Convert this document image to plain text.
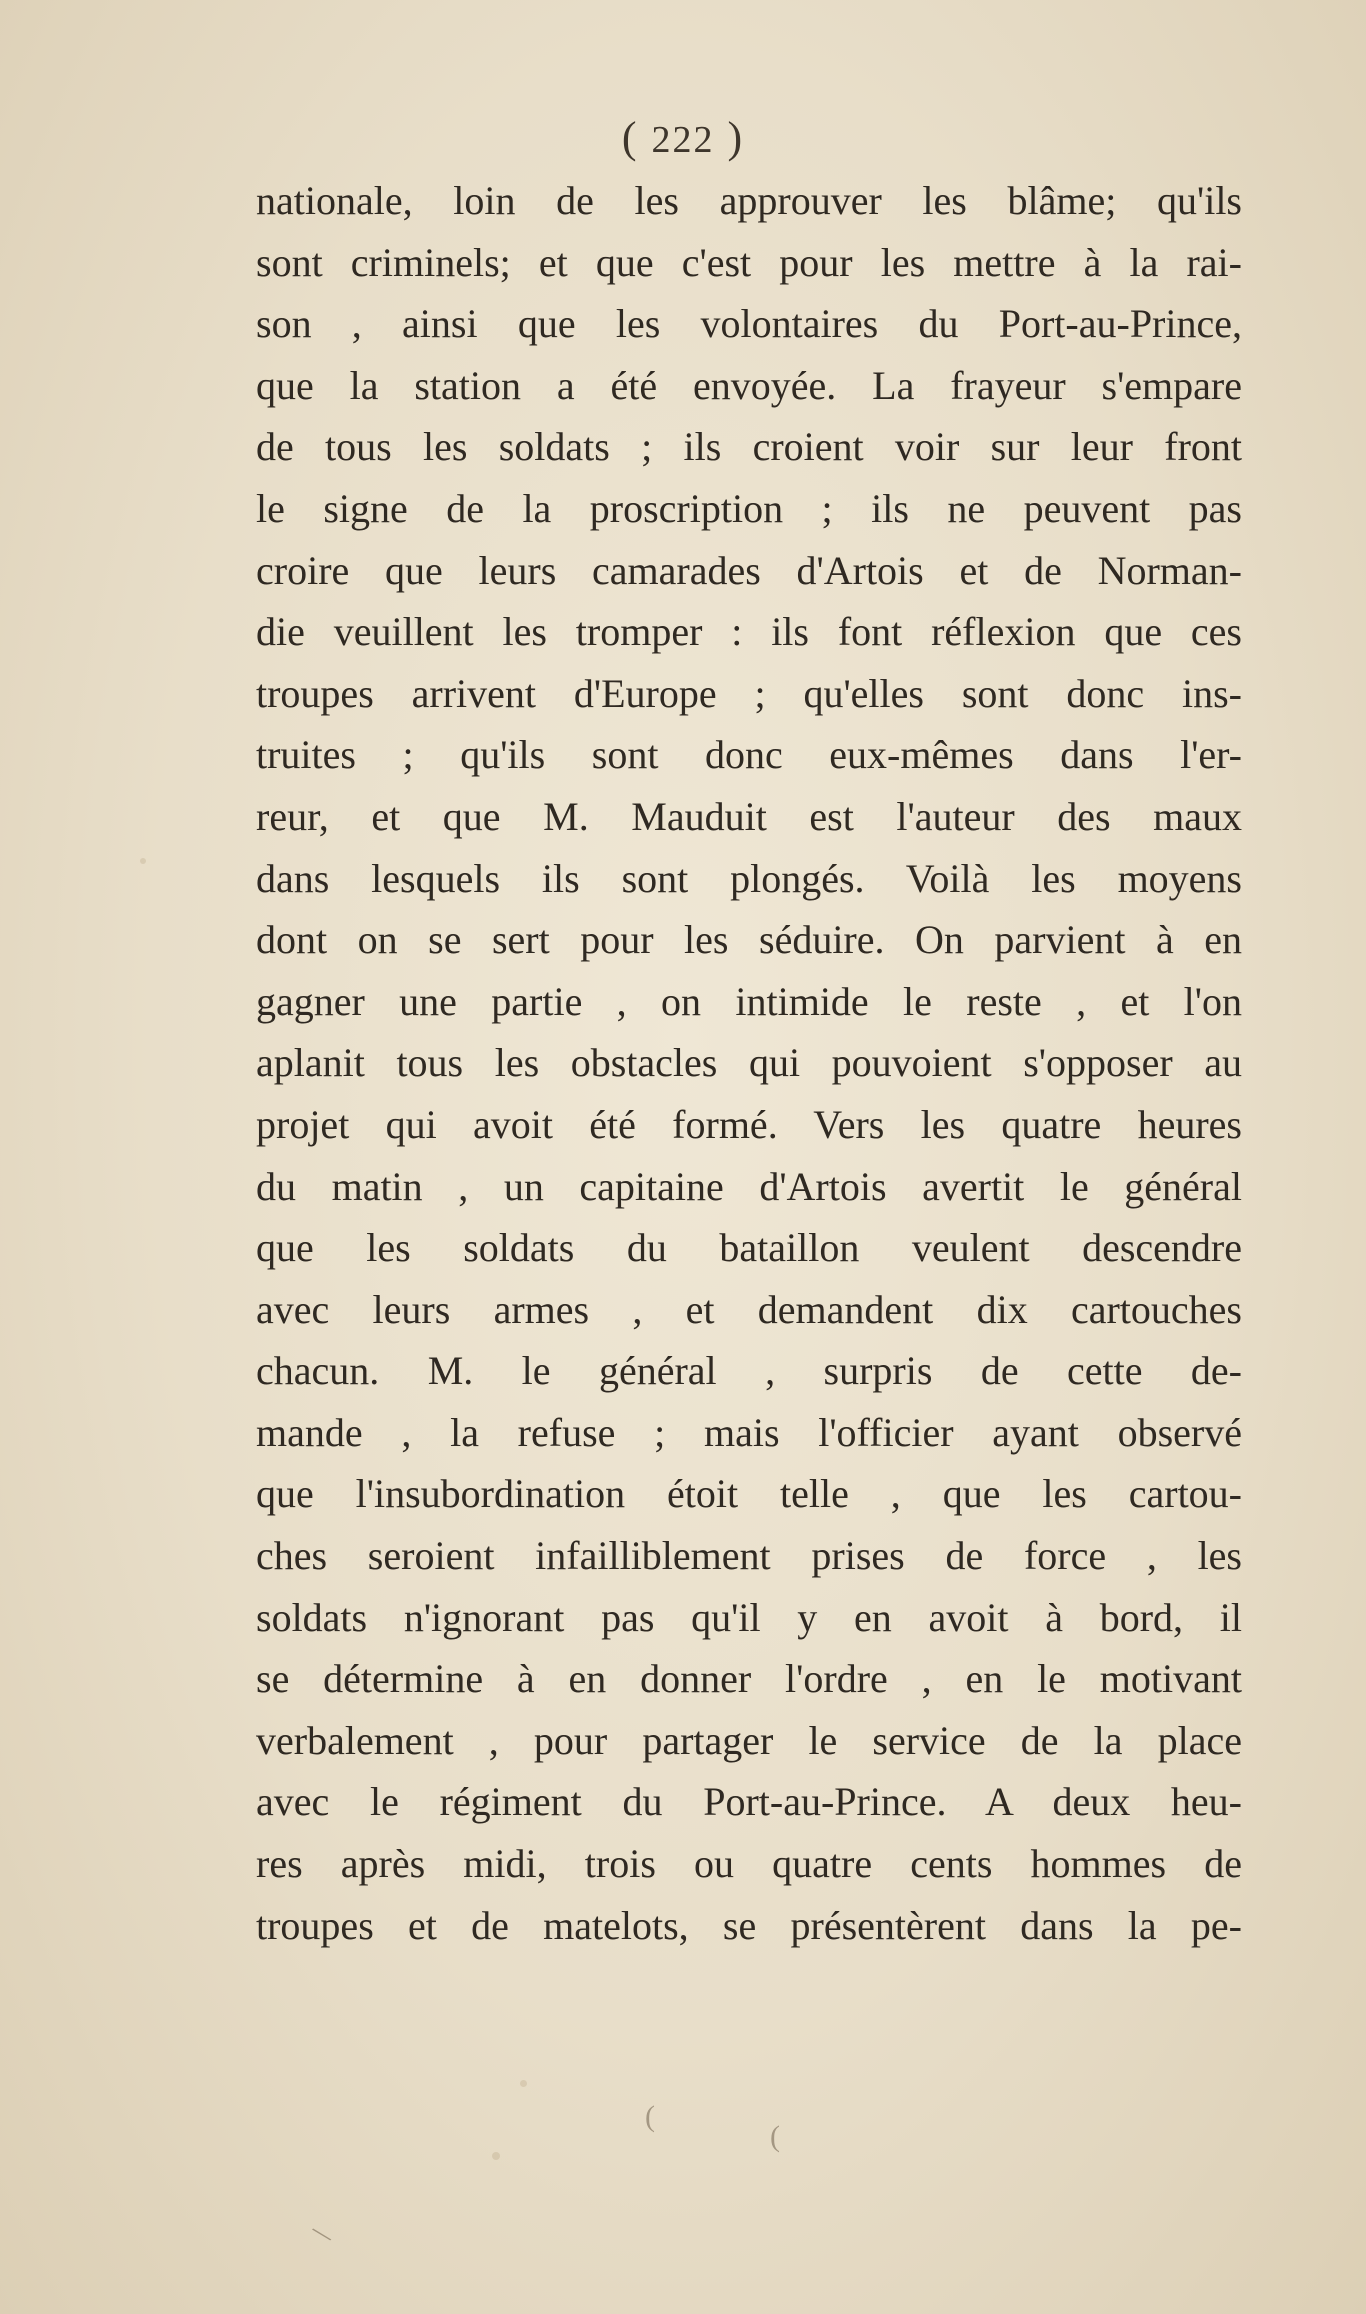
\
(
(
( 222 )
nationale, loin de les approuver les blâme; qu'ils
sont criminels; et que c'est pour les mettre à la rai-
son , ainsi que les volontaires du Port-au-Prince,
que la station a été envoyée. La frayeur s'empare
de tous les soldats ; ils croient voir sur leur front
le signe de la proscription ; ils ne peuvent pas
croire que leurs camarades d'Artois et de Norman-
die veuillent les tromper : ils font réflexion que ces
troupes arrivent d'Europe ; qu'elles sont donc ins-
truites ; qu'ils sont donc eux-mêmes dans l'er-
reur, et que M. Mauduit est l'auteur des maux
dans lesquels ils sont plongés. Voilà les moyens
dont on se sert pour les séduire. On parvient à en
gagner une partie , on intimide le reste , et l'on
aplanit tous les obstacles qui pouvoient s'opposer au
projet qui avoit été formé. Vers les quatre heures
du matin , un capitaine d'Artois avertit le général
que les soldats du bataillon veulent descendre
avec leurs armes , et demandent dix cartouches
chacun. M. le général , surpris de cette de-
mande , la refuse ; mais l'officier ayant observé
que l'insubordination étoit telle , que les cartou-
ches seroient infailliblement prises de force , les
soldats n'ignorant pas qu'il y en avoit à bord, il
se détermine à en donner l'ordre , en le motivant
verbalement , pour partager le service de la place
avec le régiment du Port-au-Prince. A deux heu-
res après midi, trois ou quatre cents hommes de
troupes et de matelots, se présentèrent dans la pe-
